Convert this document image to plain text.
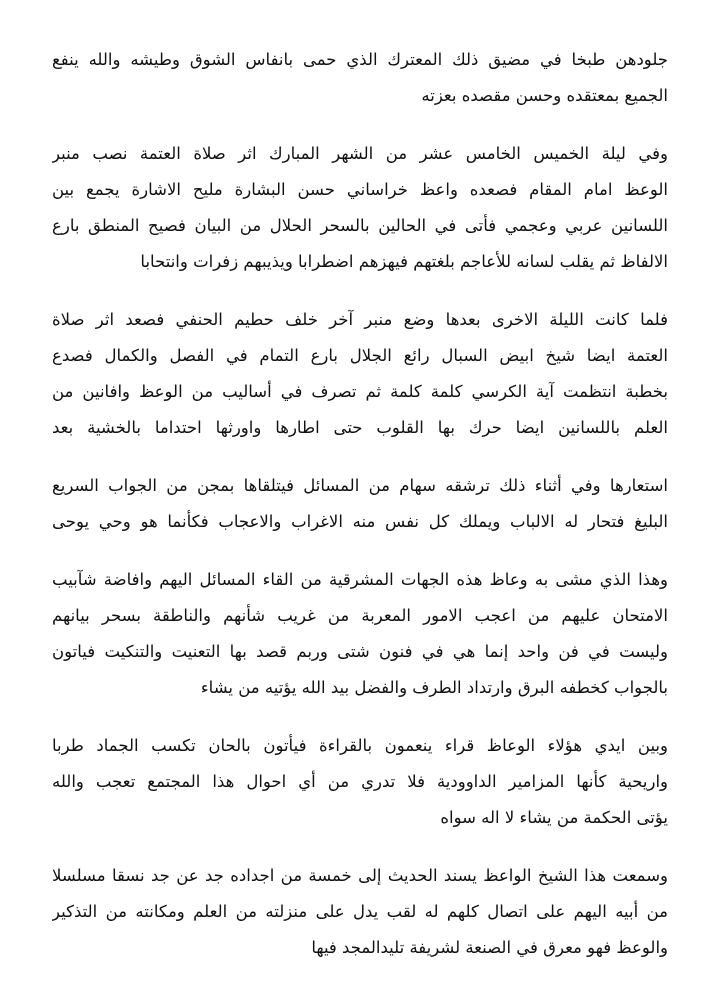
جلودهن طبخا في مضيق ذلك المعترك الذي حمى بانفاس الشوق وطيشه والله ينفع
الجميع بمعتقده وحسن مقصده بعزته
وفي ليلة الخميس الخامس عشر من الشهر المبارك اثر صلاة العتمة نصب منبر
الوعظ امام المقام فصعده واعظ خراساني حسن البشارة مليح الاشارة يجمع بين
اللسانين عربي وعجمي فأتى في الحالين بالسحر الحلال من البيان فصيح المنطق بارع
الالفاظ ثم يقلب لسانه للأعاجم بلغتهم فيهزهم اضطرابا ويذيبهم زفرات وانتحابا
فلما كانت الليلة الاخرى بعدها وضع منبر آخر خلف حطيم الحنفي فصعد اثر صلاة
العتمة ايضا شيخ ابيض السبال رائع الجلال بارع التمام في الفصل والكمال فصدع
بخطبة انتظمت آية الكرسي كلمة كلمة ثم تصرف في أساليب من الوعظ وافانين من
العلم باللسانين ايضا حرك بها القلوب حتى اطارها واورثها احتداما بالخشية بعد
استعارها وفي أثناء ذلك ترشقه سهام من المسائل فيتلقاها بمجن من الجواب السريع
البليغ فتحار له الالباب ويملك كل نفس منه الاغراب والاعجاب فكأنما هو وحي يوحى
وهذا الذي مشى به وعاظ هذه الجهات المشرقية من القاء المسائل اليهم وافاضة شآبيب
الامتحان عليهم من اعجب الامور المعربة من غريب شأنهم والناطقة بسحر بيانهم
وليست في فن واحد إنما هي في فنون شتى وربم قصد بها التعنيت والتنكيت فياتون
بالجواب كخطفه البرق وارتداد الطرف والفضل بيد الله يؤتيه من يشاء
وبين ايدي هؤلاء الوعاظ قراء ينعمون بالقراءة فيأتون بالحان تكسب الجماد طربا
واريحية كأنها المزامير الداوودية فلا تدري من أي احوال هذا المجتمع تعجب والله
يؤتى الحكمة من يشاء لا اله سواه
وسمعت هذا الشيخ الواعظ يسند الحديث إلى خمسة من اجداده جد عن جد نسقا مسلسلا
من أبيه اليهم على اتصال كلهم له لقب يدل على منزلته من العلم ومكانته من التذكير
والوعظ فهو معرق في الصنعة لشريفة تليدالمجد فيها
